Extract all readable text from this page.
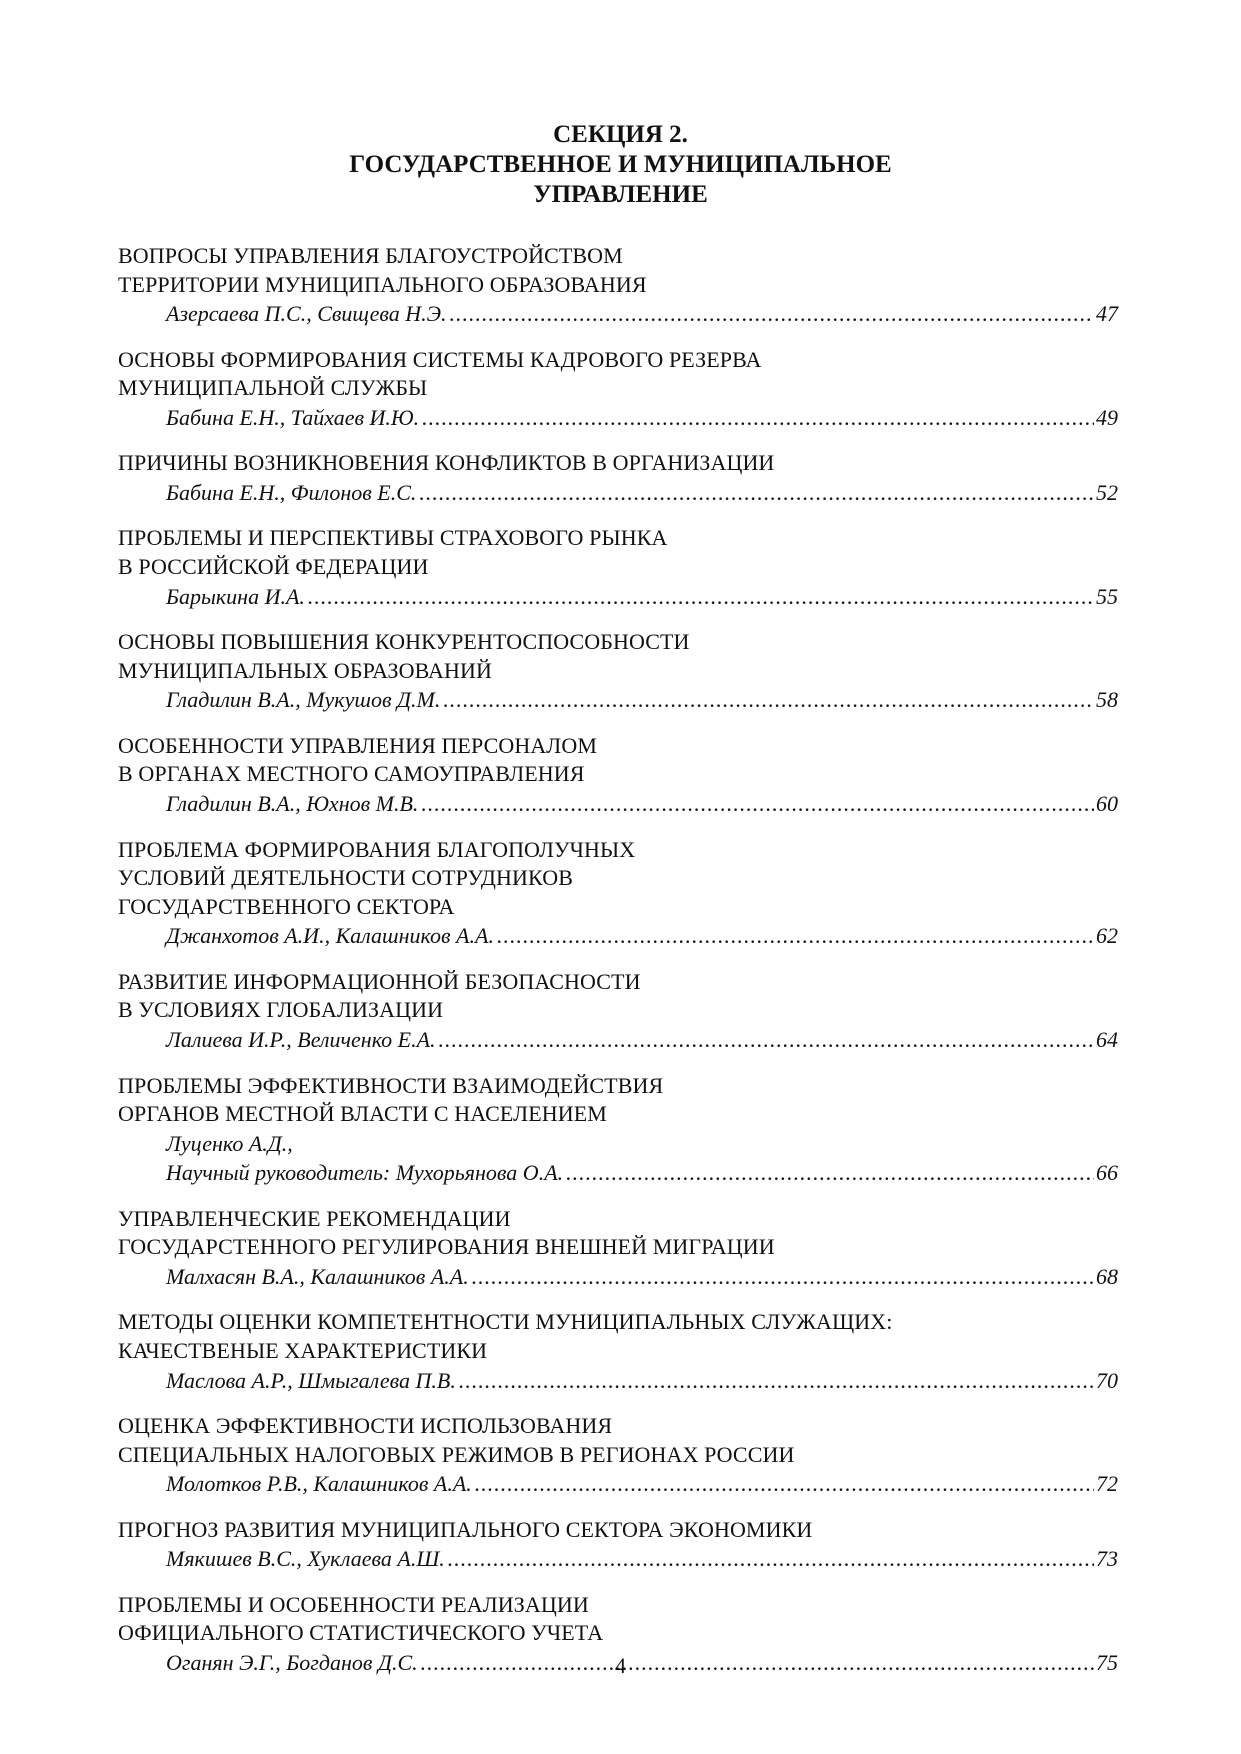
СЕКЦИЯ 2.
ГОСУДАРСТВЕННОЕ И МУНИЦИПАЛЬНОЕ
УПРАВЛЕНИЕ
ВОПРОСЫ УПРАВЛЕНИЯ БЛАГОУСТРОЙСТВОМ
ТЕРРИТОРИИ МУНИЦИПАЛЬНОГО ОБРАЗОВАНИЯ
Азерсаева П.С., Свищева Н.Э. .....	47
ОСНОВЫ ФОРМИРОВАНИЯ СИСТЕМЫ КАДРОВОГО РЕЗЕРВА
МУНИЦИПАЛЬНОЙ СЛУЖБЫ
Бабина Е.Н., Тайхаев И.Ю. .....	49
ПРИЧИНЫ ВОЗНИКНОВЕНИЯ КОНФЛИКТОВ В ОРГАНИЗАЦИИ
Бабина Е.Н., Филонов Е.С. .....	52
ПРОБЛЕМЫ И ПЕРСПЕКТИВЫ СТРАХОВОГО РЫНКА
В РОССИЙСКОЙ ФЕДЕРАЦИИ
Барыкина И.А. .....	55
ОСНОВЫ ПОВЫШЕНИЯ КОНКУРЕНТОСПОСОБНОСТИ
МУНИЦИПАЛЬНЫХ ОБРАЗОВАНИЙ
Гладилин В.А., Мукушов Д.М. .....	58
ОСОБЕННОСТИ УПРАВЛЕНИЯ ПЕРСОНАЛОМ
В ОРГАНАХ МЕСТНОГО САМОУПРАВЛЕНИЯ
Гладилин В.А., Юхнов М.В. .....	60
ПРОБЛЕМА ФОРМИРОВАНИЯ БЛАГОПОЛУЧНЫХ
УСЛОВИЙ ДЕЯТЕЛЬНОСТИ СОТРУДНИКОВ
ГОСУДАРСТВЕННОГО СЕКТОРА
Джанхотов А.И., Калашников А.А. .....	62
РАЗВИТИЕ ИНФОРМАЦИОННОЙ БЕЗОПАСНОСТИ
В УСЛОВИЯХ ГЛОБАЛИЗАЦИИ
Лалиева И.Р., Величенко Е.А. .....	64
ПРОБЛЕМЫ ЭФФЕКТИВНОСТИ ВЗАИМОДЕЙСТВИЯ
ОРГАНОВ МЕСТНОЙ ВЛАСТИ С НАСЕЛЕНИЕМ
Луценко А.Д.,
Научный руководитель: Мухорьянова О.А. .....	66
УПРАВЛЕНЧЕСКИЕ РЕКОМЕНДАЦИИ
ГОСУДАРСТЕННОГО РЕГУЛИРОВАНИЯ ВНЕШНЕЙ МИГРАЦИИ
Малхасян В.А., Калашников А.А. .....	68
МЕТОДЫ ОЦЕНКИ КОМПЕТЕНТНОСТИ МУНИЦИПАЛЬНЫХ СЛУЖАЩИХ:
КАЧЕСТВЕНЫЕ ХАРАКТЕРИСТИКИ
Маслова А.Р., Шмыгалева П.В. .....	70
ОЦЕНКА ЭФФЕКТИВНОСТИ ИСПОЛЬЗОВАНИЯ
СПЕЦИАЛЬНЫХ НАЛОГОВЫХ РЕЖИМОВ В РЕГИОНАХ РОССИИ
Молотков Р.В., Калашников А.А. .....	72
ПРОГНОЗ РАЗВИТИЯ МУНИЦИПАЛЬНОГО СЕКТОРА ЭКОНОМИКИ
Мякишев В.С., Хуклаева А.Ш. .....	73
ПРОБЛЕМЫ И ОСОБЕННОСТИ РЕАЛИЗАЦИИ
ОФИЦИАЛЬНОГО СТАТИСТИЧЕСКОГО УЧЕТА
Оганян Э.Г., Богданов Д.С. .....	75
4
